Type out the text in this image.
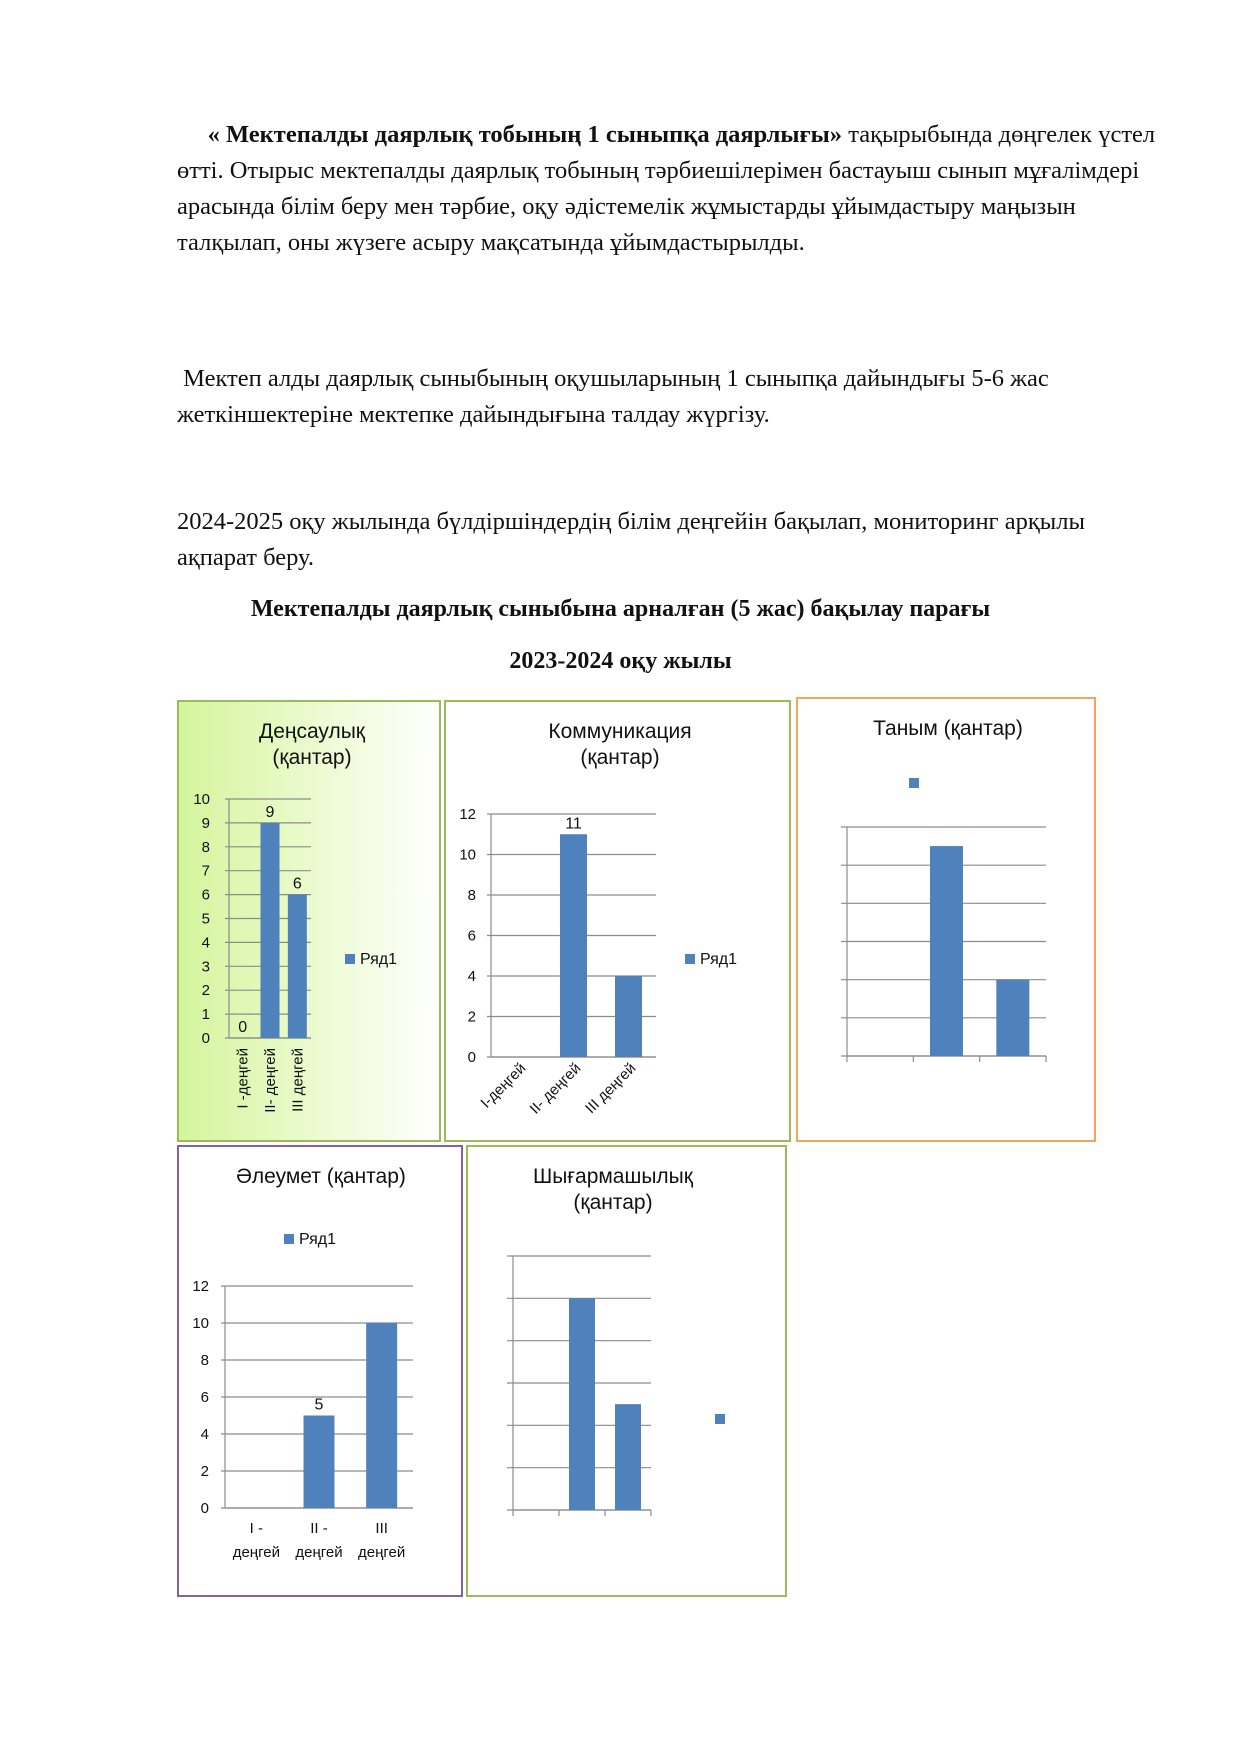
« Мектепалды даярлық тобының 1 сыныпқа даярлығы» тақырыбында дөңгелек үстел өтті. Отырыс мектепалды даярлық тобының тәрбиешілерімен бастауыш сынып мұғалімдері арасында білім беру мен тәрбие, оқу әдістемелік жұмыстарды ұйымдастыру маңызын талқылап, оны жүзеге асыру мақсатында ұйымдастырылды.

Мектеп алды даярлық сыныбының оқушыларының 1 сыныпқа дайындығы 5-6 жас жеткіншектеріне мектепке дайындығына талдау жүргізу.

2024-2025 оқу жылында бүлдіршіндердің білім деңгейін бақылап, мониторинг арқылы ақпарат беру.

Мектепалды даярлық сыныбына арналған (5 жас) бақылау парағы

2023-2024 оқу жылы

Деңсаулық
(қантар)
0
1
2
3
4
5
6
7
8
9
10
0
I -деңгей
9
II- деңгей
6
III деңгей
Ряд1
Коммуникация
(қантар)
0
2
4
6
8
10
12
I-деңгей
11
II- деңгей
III деңгей
Ряд1
Таным (қантар)
Әлеумет (қантар)
0
2
4
6
8
10
12
I -
деңгей
5
II -
деңгей
III
деңгей
Ряд1
Шығармашылық
(қантар)
